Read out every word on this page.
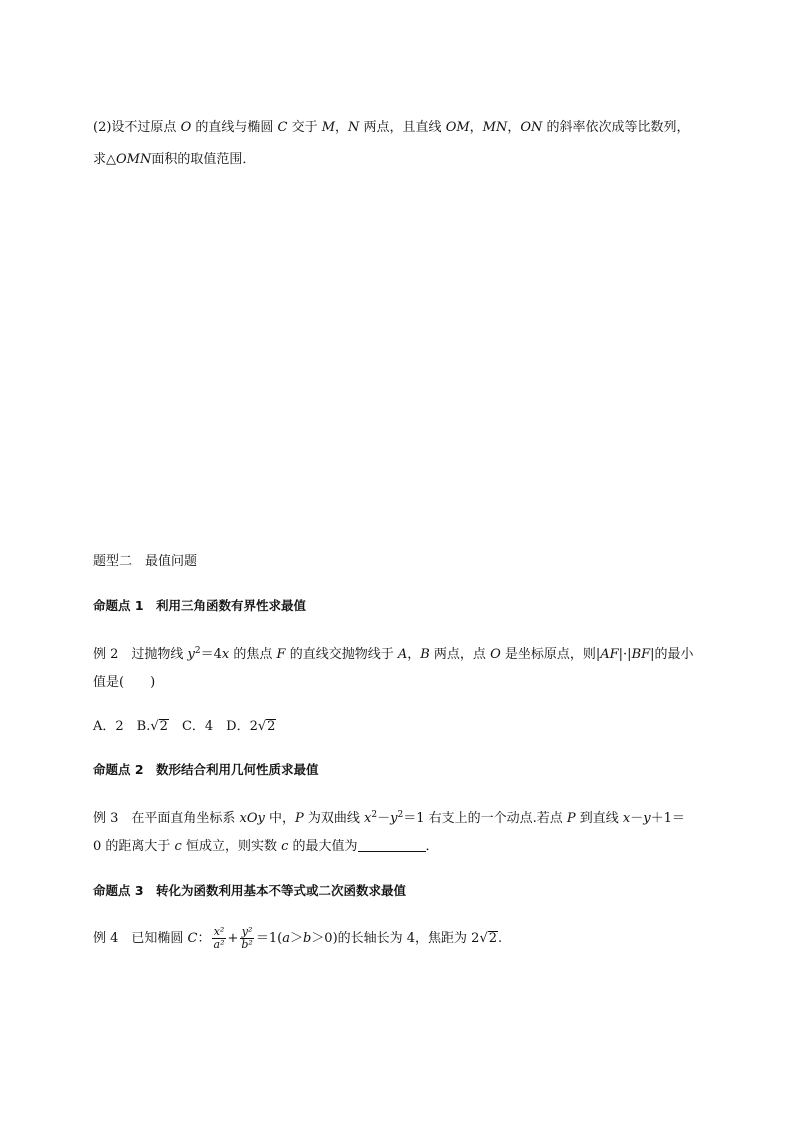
(2)设不过原点 O 的直线与椭圆 C 交于 M，N 两点，且直线 OM，MN，ON 的斜率依次成等比数列，
求△OMN面积的取值范围．
题型二　最值问题
命题点 1　利用三角函数有界性求最值
例 2　过抛物线 $y^2=4x$ 的焦点 F 的直线交抛物线于 A，B 两点，点 O 是坐标原点，则|AF|·|BF|的最小
值是(　　)
A．2　B.√2　C．4　D．2√2
命题点 2　数形结合利用几何性质求最值
例 3　在平面直角坐标系 xOy 中，P 为双曲线 $x^2-y^2=1$ 右支上的一个动点.若点 P 到直线 x－y＋1＝
0 的距离大于 c 恒成立，则实数 c 的最大值为	．
命题点 3　转化为函数利用基本不等式或二次函数求最值
例 4　已知椭圆 C： $\frac{\text{x²}}{\text{a²}} + \frac{\text{y²}}{\text{b²}} =1(a>b>0)$的长轴长为 4，焦距为 2√2.
